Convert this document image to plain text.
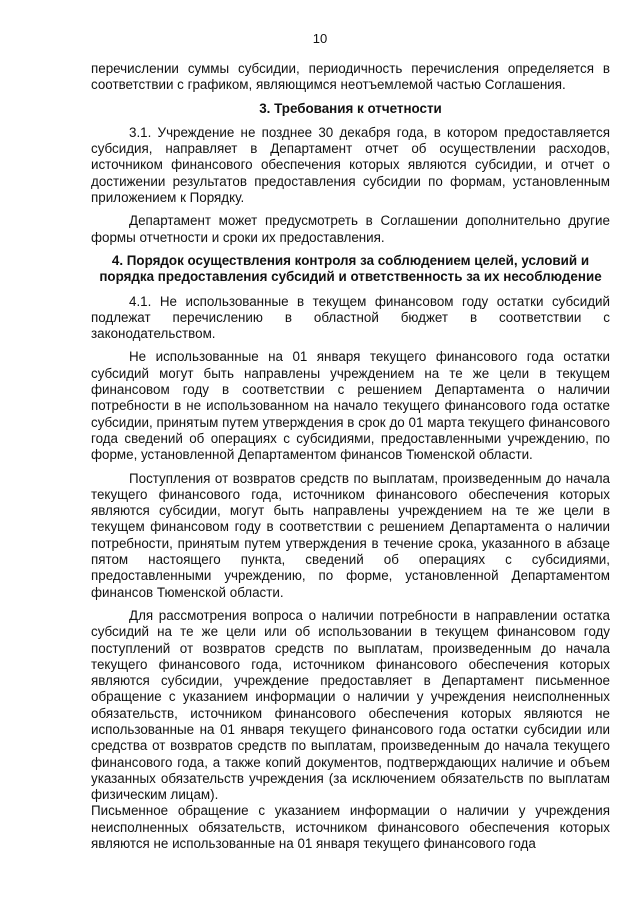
10

перечислении суммы субсидии, периодичность перечисления определяется в соответствии с графиком, являющимся неотъемлемой частью Соглашения.

3. Требования к отчетности

3.1. Учреждение не позднее 30 декабря года, в котором предоставляется субсидия, направляет в Департамент отчет об осуществлении расходов, источником финансового обеспечения которых являются субсидии, и отчет о достижении результатов предоставления субсидии по формам, установленным приложением к Порядку.

Департамент может предусмотреть в Соглашении дополнительно другие формы отчетности и сроки их предоставления.

4. Порядок осуществления контроля за соблюдением целей, условий и порядка предоставления субсидий и ответственность за их несоблюдение

4.1. Не использованные в текущем финансовом году остатки субсидий подлежат перечислению в областной бюджет в соответствии с законодательством.

Не использованные на 01 января текущего финансового года остатки субсидий могут быть направлены учреждением на те же цели в текущем финансовом году в соответствии с решением Департамента о наличии потребности в не использованном на начало текущего финансового года остатке субсидии, принятым путем утверждения в срок до 01 марта текущего финансового года сведений об операциях с субсидиями, предоставленными учреждению, по форме, установленной Департаментом финансов Тюменской области.

Поступления от возвратов средств по выплатам, произведенным до начала текущего финансового года, источником финансового обеспечения которых являются субсидии, могут быть направлены учреждением на те же цели в текущем финансовом году в соответствии с решением Департамента о наличии потребности, принятым путем утверждения в течение срока, указанного в абзаце пятом настоящего пункта, сведений об операциях с субсидиями, предоставленными учреждению, по форме, установленной Департаментом финансов Тюменской области.

Для рассмотрения вопроса о наличии потребности в направлении остатка субсидий на те же цели или об использовании в текущем финансовом году поступлений от возвратов средств по выплатам, произведенным до начала текущего финансового года, источником финансового обеспечения которых являются субсидии, учреждение предоставляет в Департамент письменное обращение с указанием информации о наличии у учреждения неисполненных обязательств, источником финансового обеспечения которых являются не использованные на 01 января текущего финансового года остатки субсидии или средства от возвратов средств по выплатам, произведенным до начала текущего финансового года, а также копий документов, подтверждающих наличие и объем указанных обязательств учреждения (за исключением обязательств по выплатам физическим лицам).

Письменное обращение с указанием информации о наличии у учреждения неисполненных обязательств, источником финансового обеспечения которых являются не использованные на 01 января текущего финансового года
